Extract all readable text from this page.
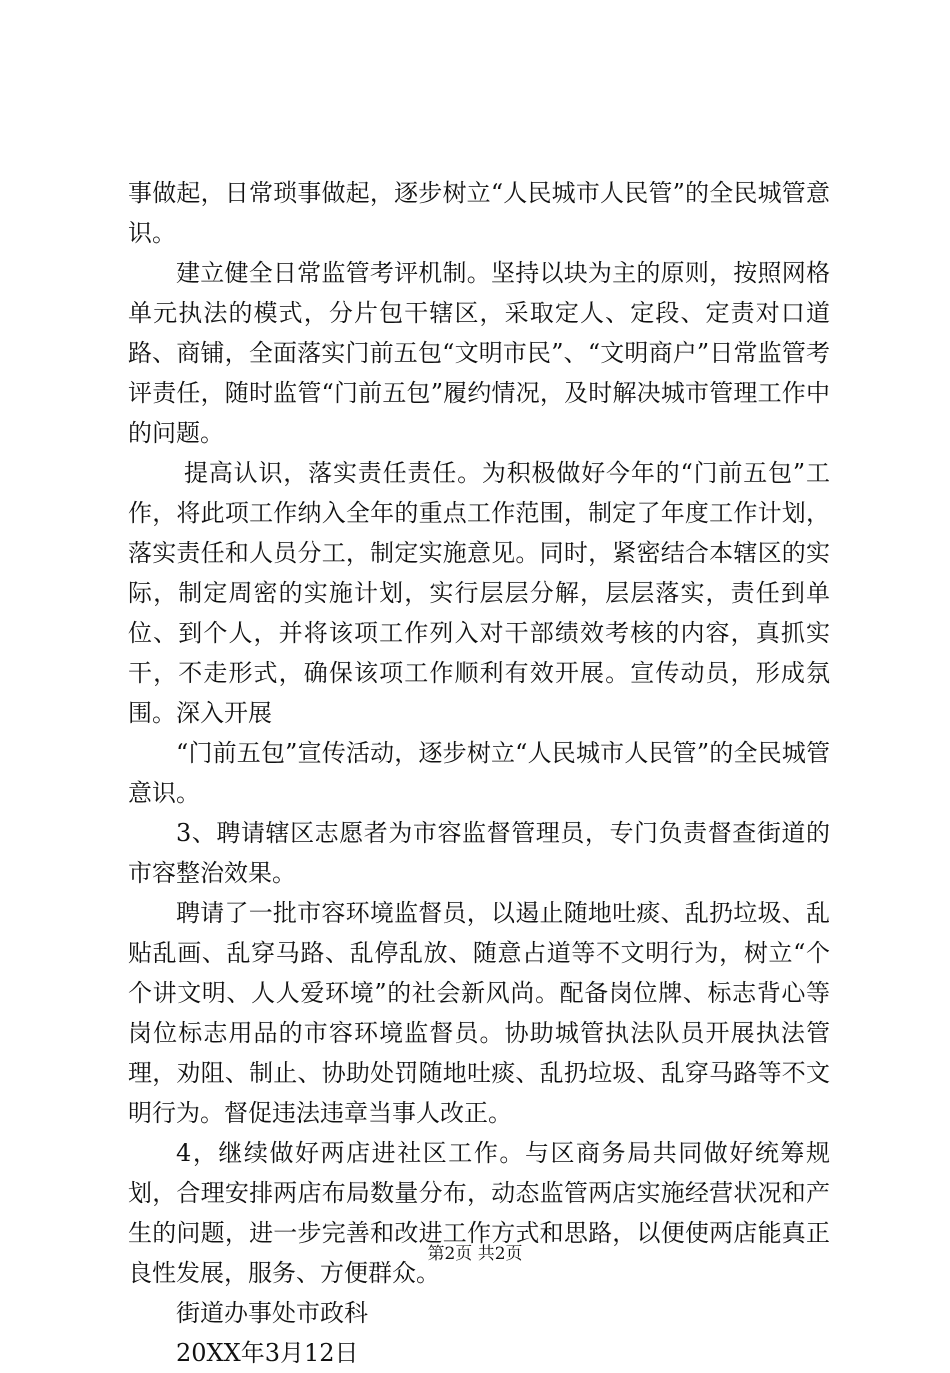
事做起，日常琐事做起，逐步树立“人民城市人民管”的全民城管意识。

建立健全日常监管考评机制。坚持以块为主的原则，按照网格单元执法的模式，分片包干辖区，采取定人、定段、定责对口道路、商铺，全面落实门前五包“文明市民”、“文明商户”日常监管考评责任，随时监管“门前五包”履约情况，及时解决城市管理工作中的问题。

提高认识，落实责任责任。为积极做好今年的“门前五包”工作，将此项工作纳入全年的重点工作范围，制定了年度工作计划，落实责任和人员分工，制定实施意见。同时，紧密结合本辖区的实际，制定周密的实施计划，实行层层分解，层层落实，责任到单位、到个人，并将该项工作列入对干部绩效考核的内容，真抓实干，不走形式，确保该项工作顺利有效开展。宣传动员，形成氛围。深入开展

“门前五包”宣传活动，逐步树立“人民城市人民管”的全民城管意识。

3、聘请辖区志愿者为市容监督管理员，专门负责督查街道的市容整治效果。

聘请了一批市容环境监督员，以遏止随地吐痰、乱扔垃圾、乱贴乱画、乱穿马路、乱停乱放、随意占道等不文明行为，树立“个个讲文明、人人爱环境”的社会新风尚。配备岗位牌、标志背心等岗位标志用品的市容环境监督员。协助城管执法队员开展执法管理，劝阻、制止、协助处罚随地吐痰、乱扔垃圾、乱穿马路等不文明行为。督促违法违章当事人改正。

4，继续做好两店进社区工作。与区商务局共同做好统筹规划，合理安排两店布局数量分布，动态监管两店实施经营状况和产生的问题，进一步完善和改进工作方式和思路，以便使两店能真正良性发展，服务、方便群众。

街道办事处市政科

20XX年3月12日

第2页 共2页
